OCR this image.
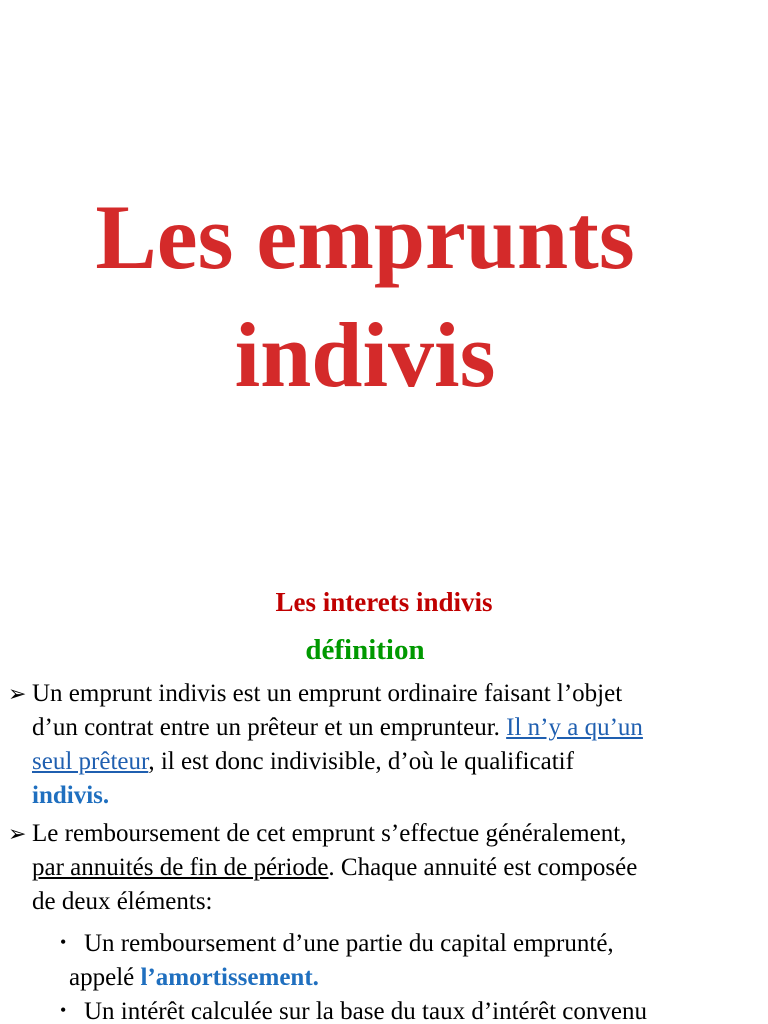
Les emprunts
indivis
Les interets indivis
définition

➢ Un emprunt indivis est un emprunt ordinaire faisant l’objet
d’un contrat entre un prêteur et un emprunteur. Il n’y a qu’un
seul prêteur, il est donc indivisible, d’où le qualificatif
indivis.

➢ Le remboursement de cet emprunt s’effectue généralement,
par annuités de fin de période. Chaque annuité est composée
de deux éléments:

• Un remboursement d’une partie du capital emprunté,
appelé l’amortissement.

• Un intérêt calculée sur la base du taux d’intérêt convenu
